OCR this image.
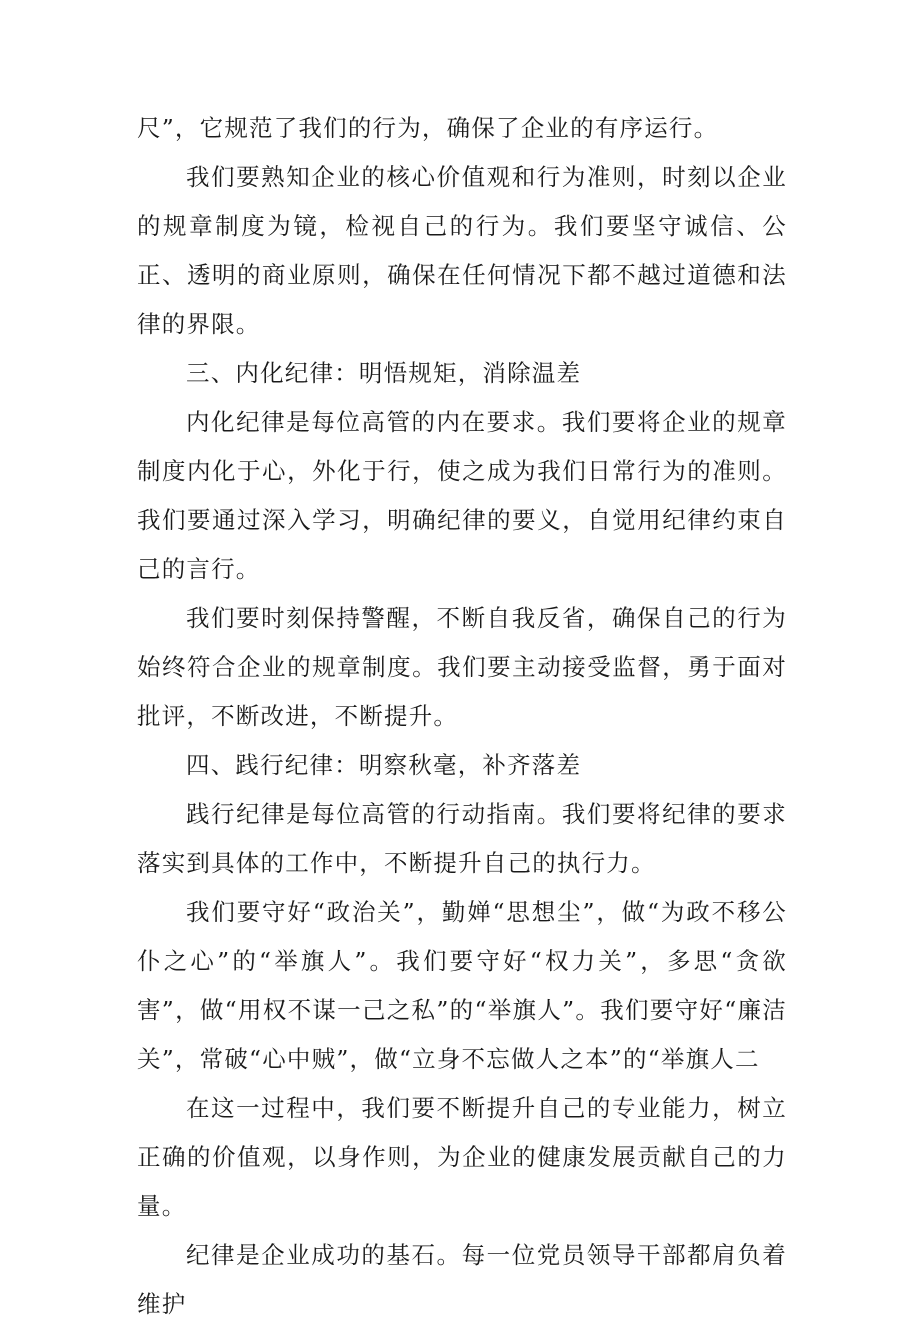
尺”，它规范了我们的行为，确保了企业的有序运行。

我们要熟知企业的核心价值观和行为准则，时刻以企业的规章制度为镜，检视自己的行为。我们要坚守诚信、公正、透明的商业原则，确保在任何情况下都不越过道德和法律的界限。

三、内化纪律：明悟规矩，消除温差

内化纪律是每位高管的内在要求。我们要将企业的规章制度内化于心，外化于行，使之成为我们日常行为的准则。我们要通过深入学习，明确纪律的要义，自觉用纪律约束自己的言行。

我们要时刻保持警醒，不断自我反省，确保自己的行为始终符合企业的规章制度。我们要主动接受监督，勇于面对批评，不断改进，不断提升。

四、践行纪律：明察秋毫，补齐落差

践行纪律是每位高管的行动指南。我们要将纪律的要求落实到具体的工作中，不断提升自己的执行力。

我们要守好“政治关”，勤婵“思想尘”，做“为政不移公仆之心”的“举旗人”。我们要守好“权力关”，多思“贪欲害”，做“用权不谋一己之私”的“举旗人”。我们要守好“廉洁关”，常破“心中贼”，做“立身不忘做人之本”的“举旗人二

在这一过程中，我们要不断提升自己的专业能力，树立正确的价值观，以身作则，为企业的健康发展贡献自己的力量。

纪律是企业成功的基石。每一位党员领导干部都肩负着维护
